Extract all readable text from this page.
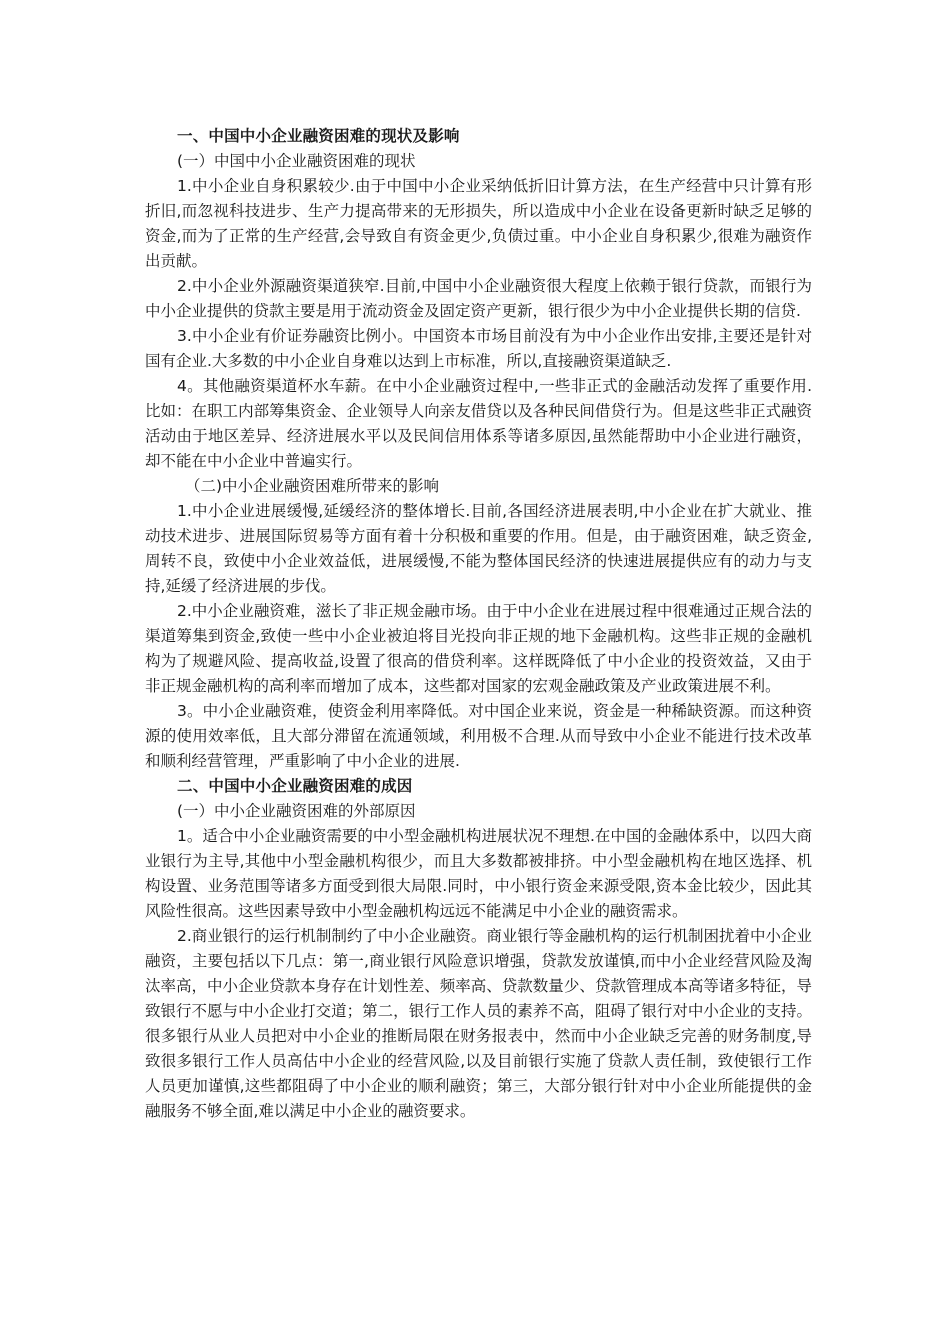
一、中国中小企业融资困难的现状及影响
(一）中国中小企业融资困难的现状

1.中小企业自身积累较少.由于中国中小企业采纳低折旧计算方法，在生产经营中只计算有形折旧,而忽视科技进步、生产力提高带来的无形损失，所以造成中小企业在设备更新时缺乏足够的资金,而为了正常的生产经营,会导致自有资金更少,负债过重。中小企业自身积累少,很难为融资作出贡献。

2.中小企业外源融资渠道狭窄.目前,中国中小企业融资很大程度上依赖于银行贷款，而银行为中小企业提供的贷款主要是用于流动资金及固定资产更新，银行很少为中小企业提供长期的信贷.

3.中小企业有价证券融资比例小。中国资本市场目前没有为中小企业作出安排,主要还是针对国有企业.大多数的中小企业自身难以达到上市标准，所以,直接融资渠道缺乏.

4。其他融资渠道杯水车薪。在中小企业融资过程中,一些非正式的金融活动发挥了重要作用.比如：在职工内部筹集资金、企业领导人向亲友借贷以及各种民间借贷行为。但是这些非正式融资活动由于地区差异、经济进展水平以及民间信用体系等诸多原因,虽然能帮助中小企业进行融资，却不能在中小企业中普遍实行。

（二)中小企业融资困难所带来的影响

1.中小企业进展缓慢,延缓经济的整体增长.目前,各国经济进展表明,中小企业在扩大就业、推动技术进步、进展国际贸易等方面有着十分积极和重要的作用。但是，由于融资困难，缺乏资金,周转不良，致使中小企业效益低，进展缓慢,不能为整体国民经济的快速进展提供应有的动力与支持,延缓了经济进展的步伐。

2.中小企业融资难，滋长了非正规金融市场。由于中小企业在进展过程中很难通过正规合法的渠道筹集到资金,致使一些中小企业被迫将目光投向非正规的地下金融机构。这些非正规的金融机构为了规避风险、提高收益,设置了很高的借贷利率。这样既降低了中小企业的投资效益，又由于非正规金融机构的高利率而增加了成本，这些都对国家的宏观金融政策及产业政策进展不利。

3。中小企业融资难，使资金利用率降低。对中国企业来说，资金是一种稀缺资源。而这种资源的使用效率低，且大部分滞留在流通领域，利用极不合理.从而导致中小企业不能进行技术改革和顺利经营管理，严重影响了中小企业的进展.

二、中国中小企业融资困难的成因
(一）中小企业融资困难的外部原因

1。适合中小企业融资需要的中小型金融机构进展状况不理想.在中国的金融体系中，以四大商业银行为主导,其他中小型金融机构很少，而且大多数都被排挤。中小型金融机构在地区选择、机构设置、业务范围等诸多方面受到很大局限.同时，中小银行资金来源受限,资本金比较少，因此其风险性很高。这些因素导致中小型金融机构远远不能满足中小企业的融资需求。

2.商业银行的运行机制制约了中小企业融资。商业银行等金融机构的运行机制困扰着中小企业融资，主要包括以下几点：第一,商业银行风险意识增强，贷款发放谨慎,而中小企业经营风险及淘汰率高，中小企业贷款本身存在计划性差、频率高、贷款数量少、贷款管理成本高等诸多特征，导致银行不愿与中小企业打交道；第二，银行工作人员的素养不高，阻碍了银行对中小企业的支持。很多银行从业人员把对中小企业的推断局限在财务报表中，然而中小企业缺乏完善的财务制度,导致很多银行工作人员高估中小企业的经营风险,以及目前银行实施了贷款人责任制，致使银行工作人员更加谨慎,这些都阻碍了中小企业的顺利融资；第三，大部分银行针对中小企业所能提供的金融服务不够全面,难以满足中小企业的融资要求。
